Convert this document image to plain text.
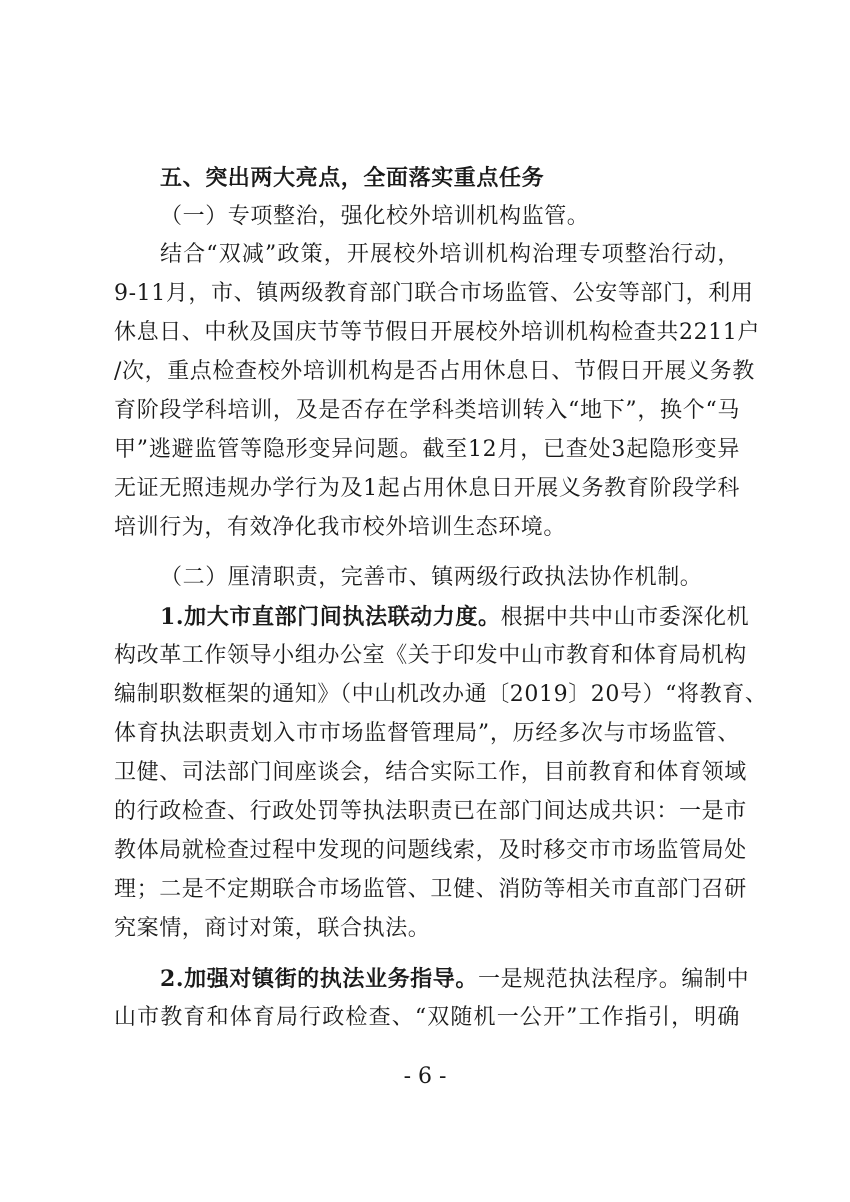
五、突出两大亮点，全面落实重点任务
（一）专项整治，强化校外培训机构监管。
结合“双减”政策，开展校外培训机构治理专项整治行动，
9-11月，市、镇两级教育部门联合市场监管、公安等部门，利用
休息日、中秋及国庆节等节假日开展校外培训机构检查共2211户
/次，重点检查校外培训机构是否占用休息日、节假日开展义务教
育阶段学科培训，及是否存在学科类培训转入“地下”，换个“马
甲”逃避监管等隐形变异问题。截至12月，已查处3起隐形变异
无证无照违规办学行为及1起占用休息日开展义务教育阶段学科
培训行为，有效净化我市校外培训生态环境。
（二）厘清职责，完善市、镇两级行政执法协作机制。
1.加大市直部门间执法联动力度。根据中共中山市委深化机
构改革工作领导小组办公室《关于印发中山市教育和体育局机构
编制职数框架的通知》（中山机改办通〔2019〕20号）“将教育、
体育执法职责划入市市场监督管理局”，历经多次与市场监管、
卫健、司法部门间座谈会，结合实际工作，目前教育和体育领域
的行政检查、行政处罚等执法职责已在部门间达成共识：一是市
教体局就检查过程中发现的问题线索，及时移交市市场监管局处
理；二是不定期联合市场监管、卫健、消防等相关市直部门召研
究案情，商讨对策，联合执法。
2.加强对镇街的执法业务指导。一是规范执法程序。编制中
山市教育和体育局行政检查、“双随机一公开”工作指引，明确
- 6 -
